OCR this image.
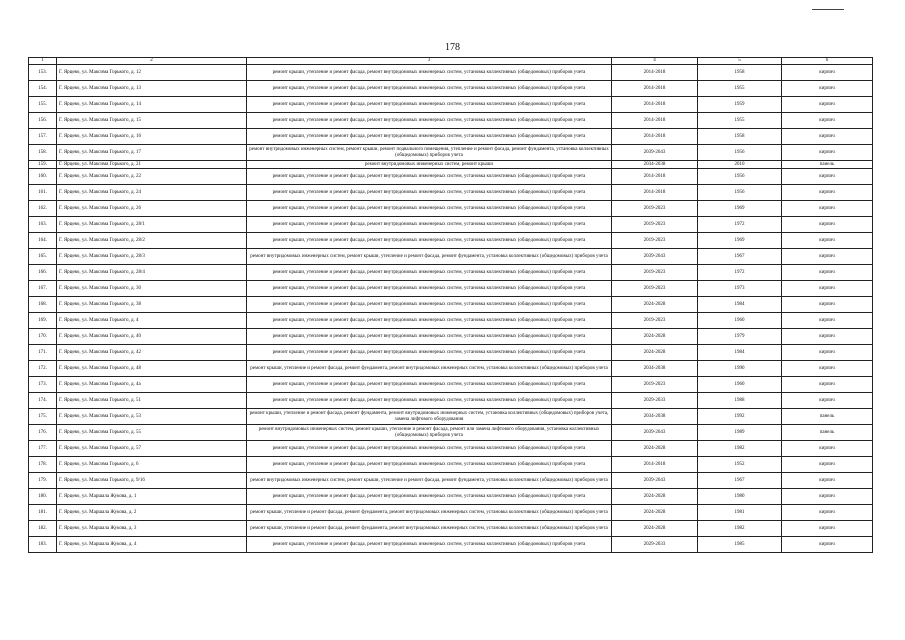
178
1	2	3	4	5	6
153.	Г. Ярцево, ул. Максима Горького, д. 12	ремонт крыши, утепление и ремонт фасада, ремонт внутридомовых инженерных систем, установка коллективных (общедомовых) приборов учета	2014-2018	1958	кирпич
154.	Г. Ярцево, ул. Максима Горького, д. 13	ремонт крыши, утепление и ремонт фасада, ремонт внутридомовых инженерных систем, установка коллективных (общедомовых) приборов учета	2014-2018	1955	кирпич
155.	Г. Ярцево, ул. Максима Горького, д. 14	ремонт крыши, утепление и ремонт фасада, ремонт внутридомовых инженерных систем, установка коллективных (общедомовых) приборов учета	2014-2018	1959	кирпич
156.	Г. Ярцево, ул. Максима Горького, д. 15	ремонт крыши, утепление и ремонт фасада, ремонт внутридомовых инженерных систем, установка коллективных (общедомовых) приборов учета	2014-2018	1955	кирпич
157.	Г. Ярцево, ул. Максима Горького, д. 16	ремонт крыши, утепление и ремонт фасада, ремонт внутридомовых инженерных систем, установка коллективных (общедомовых) приборов учета	2014-2018	1958	кирпич
158.	Г. Ярцево, ул. Максима Горького, д. 17	ремонт внутридомовых инженерных систем, ремонт крыши, ремонт подвального помещения, утепление и ремонт фасада, ремонт фундамента, установка коллективных (общедомовых) приборов учета	2039-2043	1956	кирпич
159.	Г. Ярцево, ул. Максима Горького, д. 21	ремонт внутридомовых инженерных систем, ремонт крыши	2034-2038	2010	панель
160.	Г. Ярцево, ул. Максима Горького, д. 22	ремонт крыши, утепление и ремонт фасада, ремонт внутридомовых инженерных систем, установка коллективных (общедомовых) приборов учета	2014-2018	1956	кирпич
161.	Г. Ярцево, ул. Максима Горького, д. 24	ремонт крыши, утепление и ремонт фасада, ремонт внутридомовых инженерных систем, установка коллективных (общедомовых) приборов учета	2014-2018	1956	кирпич
162.	Г. Ярцево, ул. Максима Горького, д. 26	ремонт крыши, утепление и ремонт фасада, ремонт внутридомовых инженерных систем, установка коллективных (общедомовых) приборов учета	2019-2023	1969	кирпич
163.	Г. Ярцево, ул. Максима Горького, д. 28/1	ремонт крыши, утепление и ремонт фасада, ремонт внутридомовых инженерных систем, установка коллективных (общедомовых) приборов учета	2019-2023	1972	кирпич
164.	Г. Ярцево, ул. Максима Горького, д. 28/2	ремонт крыши, утепление и ремонт фасада, ремонт внутридомовых инженерных систем, установка коллективных (общедомовых) приборов учета	2019-2023	1969	кирпич
165.	Г. Ярцево, ул. Максима Горького, д. 28/3	ремонт внутридомовых инженерных систем, ремонт крыши, утепление и ремонт фасада, ремонт фундамента, установка коллективных (общедомовых) приборов учета	2039-2043	1967	кирпич
166.	Г. Ярцево, ул. Максима Горького, д. 28/4	ремонт крыши, утепление и ремонт фасада, ремонт внутридомовых инженерных систем, установка коллективных (общедомовых) приборов учета	2019-2023	1972	кирпич
167.	Г. Ярцево, ул. Максима Горького, д. 30	ремонт крыши, утепление и ремонт фасада, ремонт внутридомовых инженерных систем, установка коллективных (общедомовых) приборов учета	2019-2023	1973	кирпич
168.	Г. Ярцево, ул. Максима Горького, д. 38	ремонт крыши, утепление и ремонт фасада, ремонт внутридомовых инженерных систем, установка коллективных (общедомовых) приборов учета	2024-2028	1984	кирпич
169.	Г. Ярцево, ул. Максима Горького, д. 4	ремонт крыши, утепление и ремонт фасада, ремонт внутридомовых инженерных систем, установка коллективных (общедомовых) приборов учета	2019-2023	1960	кирпич
170.	Г. Ярцево, ул. Максима Горького, д. 40	ремонт крыши, утепление и ремонт фасада, ремонт внутридомовых инженерных систем, установка коллективных (общедомовых) приборов учета	2024-2028	1979	кирпич
171.	Г. Ярцево, ул. Максима Горького, д. 42	ремонт крыши, утепление и ремонт фасада, ремонт внутридомовых инженерных систем, установка коллективных (общедомовых) приборов учета	2024-2028	1984	кирпич
172.	Г. Ярцево, ул. Максима Горького, д. 48	ремонт крыши, утепление и ремонт фасада, ремонт фундамента, ремонт внутридомовых инженерных систем, установка коллективных (общедомовых) приборов учета	2034-2038	1990	кирпич
173.	Г. Ярцево, ул. Максима Горького, д. 4а	ремонт крыши, утепление и ремонт фасада, ремонт внутридомовых инженерных систем, установка коллективных (общедомовых) приборов учета	2019-2023	1960	кирпич
174.	Г. Ярцево, ул. Максима Горького, д. 51	ремонт крыши, утепление и ремонт фасада, ремонт внутридомовых инженерных систем, установка коллективных (общедомовых) приборов учета	2029-2033	1988	кирпич
175.	Г. Ярцево, ул. Максима Горького, д. 53	ремонт крыши, утепление и ремонт фасада, ремонт фундамента, ремонт внутридомовых инженерных систем, установка коллективных (общедомовых) приборов учета, замена лифтового оборудования	2034-2038	1992	панель
176.	Г. Ярцево, ул. Максима Горького, д. 55	ремонт внутридомовых инженерных систем, ремонт крыши, утепление и ремонт фасада, ремонт или замена лифтового оборудования, установка коллективных (общедомовых) приборов учета	2039-2043	1989	панель
177.	Г. Ярцево, ул. Максима Горького, д. 57	ремонт крыши, утепление и ремонт фасада, ремонт внутридомовых инженерных систем, установка коллективных (общедомовых) приборов учета	2024-2028	1982	кирпич
178.	Г. Ярцево, ул. Максима Горького, д. 6	ремонт крыши, утепление и ремонт фасада, ремонт внутридомовых инженерных систем, установка коллективных (общедомовых) приборов учета	2014-2018	1952	кирпич
179.	Г. Ярцево, ул. Максима Горького, д. 9/16	ремонт внутридомовых инженерных систем, ремонт крыши, утепление и ремонт фасада, ремонт фундамента, установка коллективных (общедомовых) приборов учета	2039-2043	1967	кирпич
180.	Г. Ярцево, ул. Маршала Жукова, д. 1	ремонт крыши, утепление и ремонт фасада, ремонт внутридомовых инженерных систем, установка коллективных (общедомовых) приборов учета	2024-2028	1980	кирпич
181.	Г. Ярцево, ул. Маршала Жукова, д. 2	ремонт крыши, утепление и ремонт фасада, ремонт фундамента, ремонт внутридомовых инженерных систем, установка коллективных (общедомовых) приборов учета	2024-2028	1981	кирпич
182.	Г. Ярцево, ул. Маршала Жукова, д. 3	ремонт крыши, утепление и ремонт фасада, ремонт фундамента, ремонт внутридомовых инженерных систем, установка коллективных (общедомовых) приборов учета	2024-2028	1982	кирпич
183.	Г. Ярцево, ул. Маршала Жукова, д. 4	ремонт крыши, утепление и ремонт фасада, ремонт внутридомовых инженерных систем, установка коллективных (общедомовых) приборов учета	2029-2033	1985	кирпич
